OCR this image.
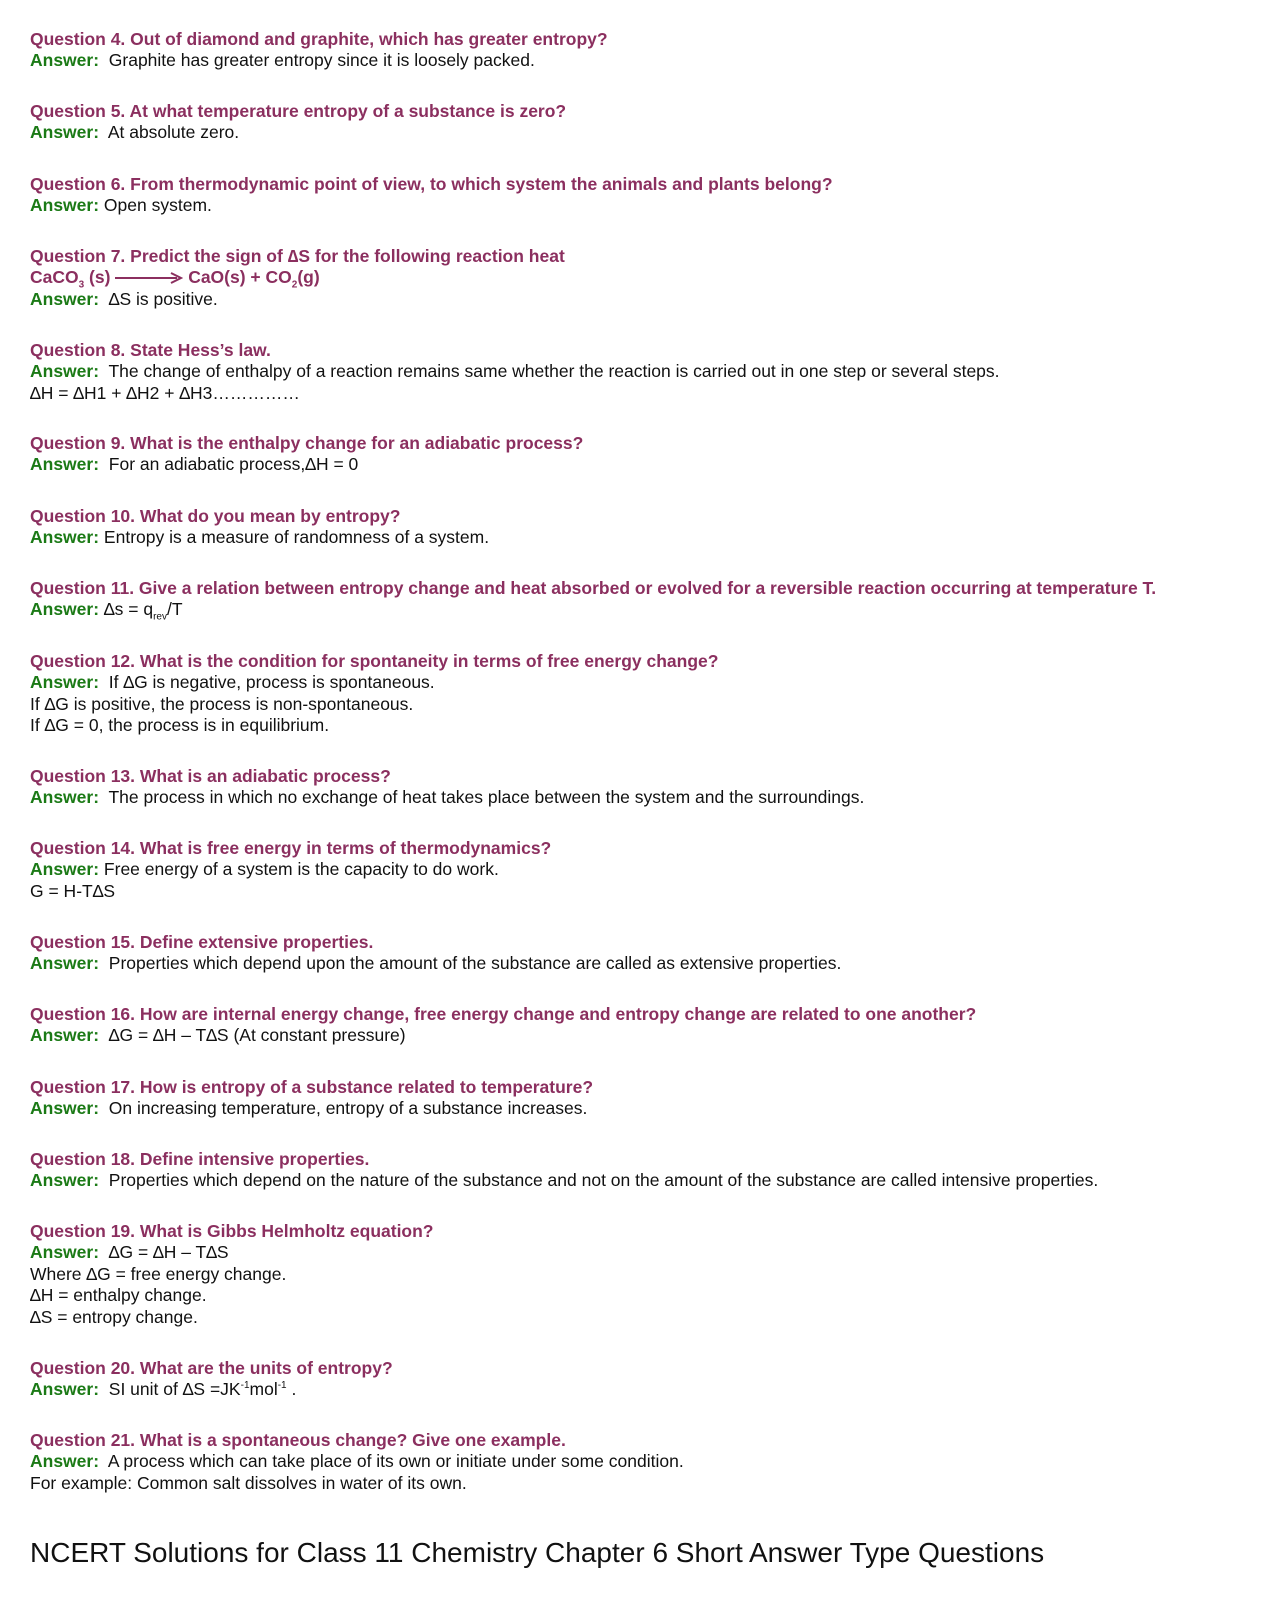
Question 4. Out of diamond and graphite, which has greater entropy?
Answer: Graphite has greater entropy since it is loosely packed.
Question 5. At what temperature entropy of a substance is zero?
Answer: At absolute zero.
Question 6. From thermodynamic point of view, to which system the animals and plants belong?
Answer: Open system.
Question 7. Predict the sign of ∆S for the following reaction heat
CaCO$_3$ $(s) \to CaO(s) + CO_2(g)$
Answer: ∆S is positive.
Question 8. State Hess’s law.
Answer: The change of enthalpy of a reaction remains same whether the reaction is carried out in one step or several steps.
∆H = ∆H1 + ∆H2 + ∆H3……………
Question 9. What is the enthalpy change for an adiabatic process?
Answer: For an adiabatic process,∆H = 0
Question 10. What do you mean by entropy?
Answer: Entropy is a measure of randomness of a system.
Question 11. Give a relation between entropy change and heat absorbed or evolved for a reversible reaction occurring at temperature T.
Answer: $\Delta s = q_{rev}/T$
Question 12. What is the condition for spontaneity in terms of free energy change?
Answer: If ∆G is negative, process is spontaneous.
If ∆G is positive, the process is non-spontaneous.
If ∆G = 0, the process is in equilibrium.
Question 13. What is an adiabatic process?
Answer: The process in which no exchange of heat takes place between the system and the surroundings.
Question 14. What is free energy in terms of thermodynamics?
Answer: Free energy of a system is the capacity to do work.
G = H-T∆S
Question 15. Define extensive properties.
Answer: Properties which depend upon the amount of the substance are called as extensive properties.
Question 16. How are internal energy change, free energy change and entropy change are related to one another?
Answer: ∆G = ∆H – T∆S (At constant pressure)
Question 17. How is entropy of a substance related to temperature?
Answer: On increasing temperature, entropy of a substance increases.
Question 18. Define intensive properties.
Answer: Properties which depend on the nature of the substance and not on the amount of the substance are called intensive properties.
Question 19. What is Gibbs Helmholtz equation?
Answer: ∆G = ∆H – T∆S
Where ∆G = free energy change.
∆H = enthalpy change.
∆S = entropy change.
Question 20. What are the units of entropy?
Answer: SI unit of $\Delta S =JK^{-1}mol^{-1}$ .
Question 21. What is a spontaneous change? Give one example.
Answer: A process which can take place of its own or initiate under some condition.
For example: Common salt dissolves in water of its own.
NCERT Solutions for Class 11 Chemistry Chapter 6 Short Answer Type Questions
